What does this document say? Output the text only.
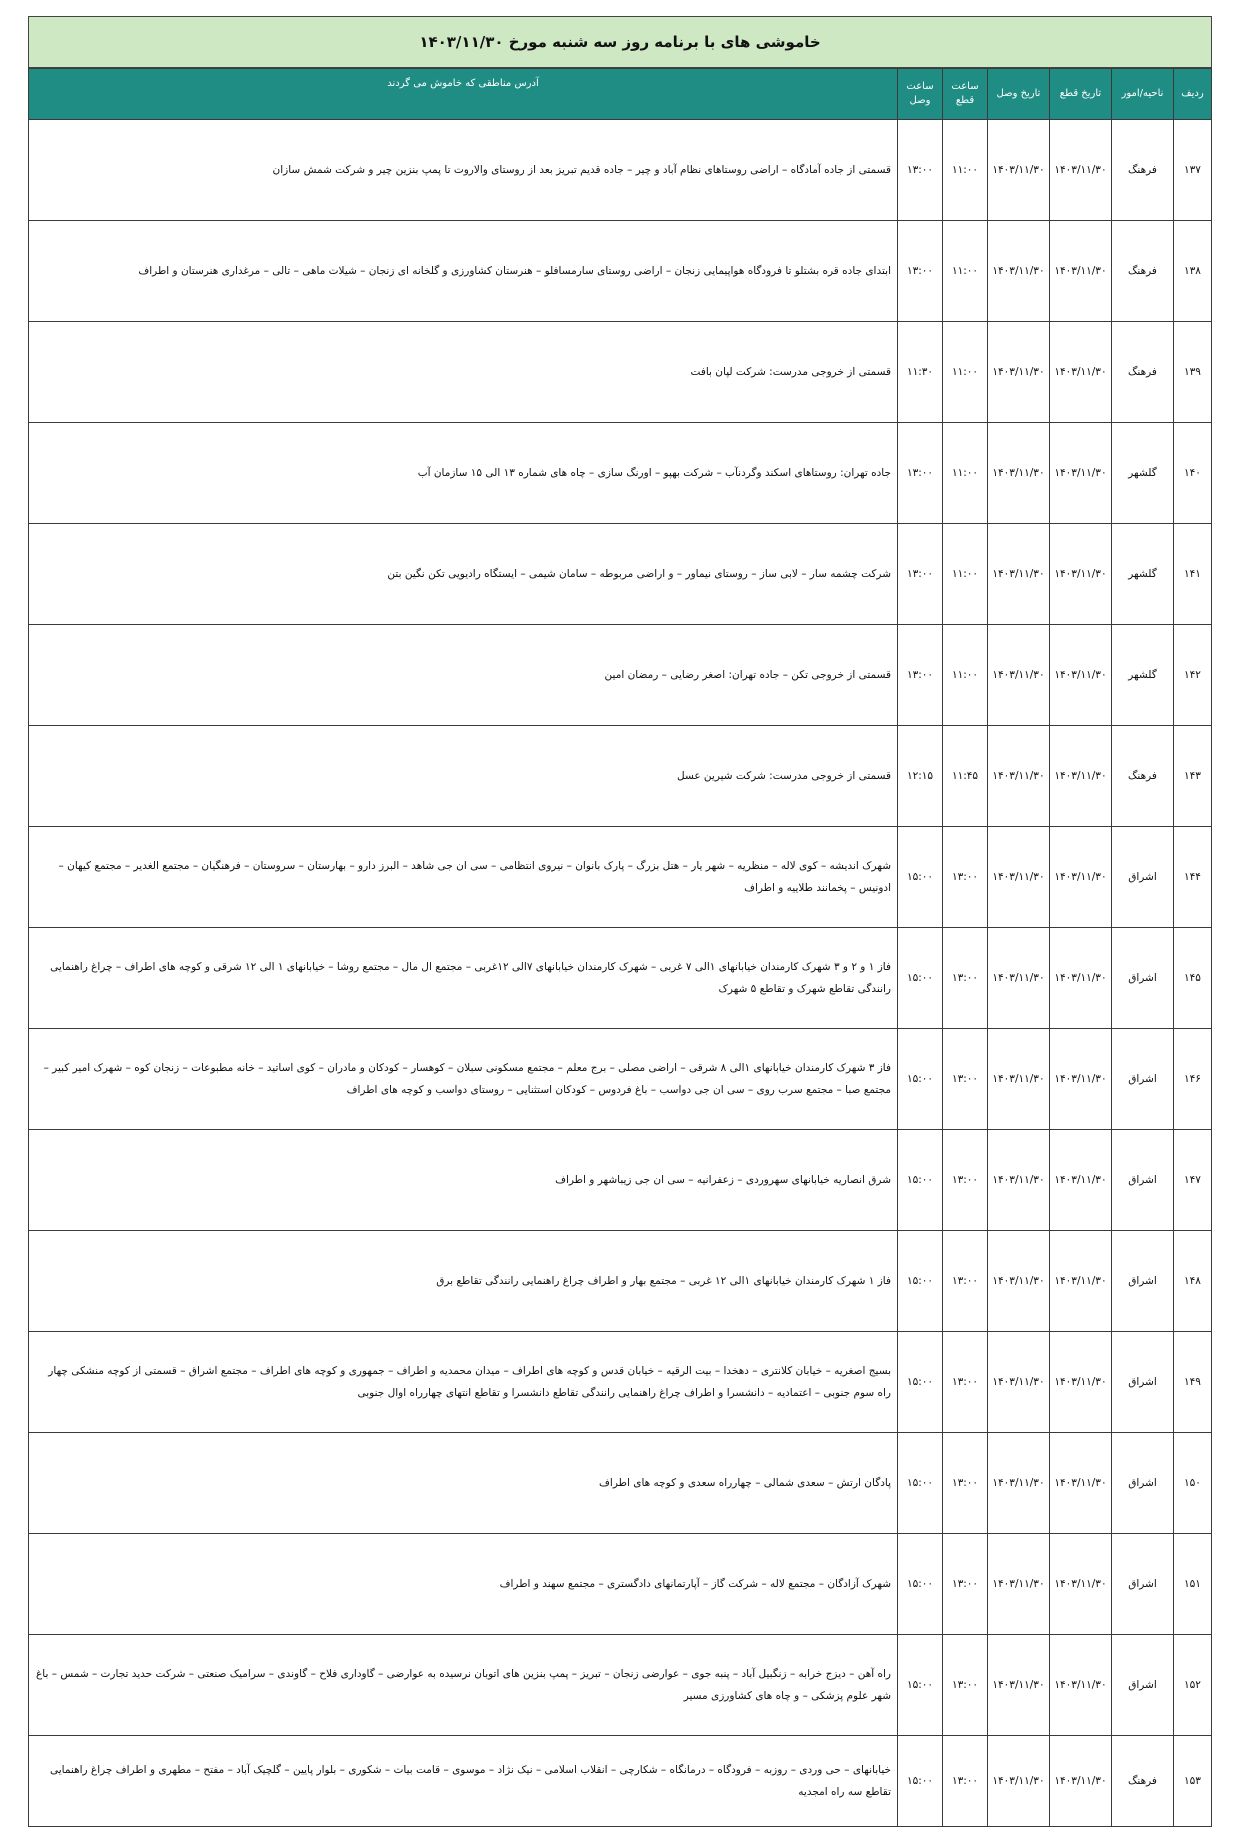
خاموشی های با برنامه روز سه شنبه مورخ ۱۴۰۳/۱۱/۳۰
ردیف	ناحیه/امور	تاریخ قطع	تاریخ وصل	ساعت قطع	ساعت وصل	آدرس مناطقی که خاموش می گردند
۱۳۷	فرهنگ	۱۴۰۳/۱۱/۳۰	۱۴۰۳/۱۱/۳۰	۱۱:۰۰	۱۳:۰۰	قسمتی از جاده آمادگاه – اراضی روستاهای نظام آباد و چیر – جاده قدیم تبریز بعد از روستای والاروت تا پمپ بنزین چیر و شرکت شمش سازان
۱۳۸	فرهنگ	۱۴۰۳/۱۱/۳۰	۱۴۰۳/۱۱/۳۰	۱۱:۰۰	۱۳:۰۰	ابتدای جاده قره بشتلو تا فرودگاه هواپیمایی زنجان – اراضی روستای سارمسافلو – هنرستان کشاورزی و گلخانه ای زنجان – شیلات ماهی – تالی – مرغداری هنرستان و اطراف
۱۳۹	فرهنگ	۱۴۰۳/۱۱/۳۰	۱۴۰۳/۱۱/۳۰	۱۱:۰۰	۱۱:۳۰	قسمتی از خروجی مدرست: شرکت لپان بافت
۱۴۰	گلشهر	۱۴۰۳/۱۱/۳۰	۱۴۰۳/۱۱/۳۰	۱۱:۰۰	۱۳:۰۰	جاده تهران: روستاهای اسکند وگردنآب – شرکت بهپو – اورنگ سازی – چاه های شماره ۱۳ الی ۱۵ سازمان آب
۱۴۱	گلشهر	۱۴۰۳/۱۱/۳۰	۱۴۰۳/۱۱/۳۰	۱۱:۰۰	۱۳:۰۰	شرکت چشمه سار – لابی ساز – روستای نیماور – و اراضی مربوطه – سامان شیمی – ایستگاه رادیویی تکن نگین بتن
۱۴۲	گلشهر	۱۴۰۳/۱۱/۳۰	۱۴۰۳/۱۱/۳۰	۱۱:۰۰	۱۳:۰۰	قسمتی از خروجی تکن – جاده تهران: اصغر رضایی – رمضان امین
۱۴۳	فرهنگ	۱۴۰۳/۱۱/۳۰	۱۴۰۳/۱۱/۳۰	۱۱:۴۵	۱۲:۱۵	قسمتی از خروجی مدرست: شرکت شیرین عسل
۱۴۴	اشراق	۱۴۰۳/۱۱/۳۰	۱۴۰۳/۱۱/۳۰	۱۳:۰۰	۱۵:۰۰	شهرک اندیشه – کوی لاله – منظریه – شهر یار – هتل بزرگ – پارک بانوان – نیروی انتظامی – سی ان جی شاهد – البرز دارو – بهارستان – سروستان – فرهنگیان – مجتمع الغدیر – مجتمع کیهان – ادونیس – پخمانند طلاییه و اطراف
۱۴۵	اشراق	۱۴۰۳/۱۱/۳۰	۱۴۰۳/۱۱/۳۰	۱۳:۰۰	۱۵:۰۰	فاز ۱ و ۲ و ۳ شهرک کارمندان خیابانهای ۱الی ۷ غربی – شهرک کارمندان خیابانهای ۷الی ۱۲غربی – مجتمع ال مال – مجتمع روشا – خیابانهای ۱ الی ۱۲ شرقی و کوچه های اطراف – چراغ راهنمایی رانندگی تقاطع شهرک و تقاطع ۵ شهرک
۱۴۶	اشراق	۱۴۰۳/۱۱/۳۰	۱۴۰۳/۱۱/۳۰	۱۳:۰۰	۱۵:۰۰	فاز ۳ شهرک کارمندان خیابانهای ۱الی ۸ شرقی – اراضی مصلی – برج معلم – مجتمع مسکونی سبلان – کوهسار – کودکان و مادران – کوی اساتید – خانه مطبوعات – زنجان کوه – شهرک امیر کبیر – مجتمع صبا – مجتمع سرب روی – سی ان جی دواسب – باغ فردوس – کودکان استثنایی – روستای دواسب و کوچه های اطراف
۱۴۷	اشراق	۱۴۰۳/۱۱/۳۰	۱۴۰۳/۱۱/۳۰	۱۳:۰۰	۱۵:۰۰	شرق انصاریه خیابانهای سهروردی – زعفرانیه – سی ان جی زیباشهر و اطراف
۱۴۸	اشراق	۱۴۰۳/۱۱/۳۰	۱۴۰۳/۱۱/۳۰	۱۳:۰۰	۱۵:۰۰	فاز ۱ شهرک کارمندان خیابانهای ۱الی ۱۲ غربی – مجتمع بهار و اطراف چراغ راهنمایی رانندگی تقاطع برق
۱۴۹	اشراق	۱۴۰۳/۱۱/۳۰	۱۴۰۳/۱۱/۳۰	۱۳:۰۰	۱۵:۰۰	بسیج اصغریه – خیابان کلانتری – دهخدا – بیت الرقیه – خیابان قدس و کوچه های اطراف – میدان محمدیه و اطراف – جمهوری و کوچه های اطراف – مجتمع اشراق – قسمتی از کوچه منشکی چهار راه سوم جنوبی – اعتمادیه – دانشسرا و اطراف چراغ راهنمایی رانندگی تقاطع دانشسرا و تقاطع انتهای چهارراه اوال جنوبی
۱۵۰	اشراق	۱۴۰۳/۱۱/۳۰	۱۴۰۳/۱۱/۳۰	۱۳:۰۰	۱۵:۰۰	پادگان ارتش – سعدی شمالی – چهارراه سعدی و کوچه های اطراف
۱۵۱	اشراق	۱۴۰۳/۱۱/۳۰	۱۴۰۳/۱۱/۳۰	۱۳:۰۰	۱۵:۰۰	شهرک آزادگان – مجتمع لاله – شرکت گاز – آپارتمانهای دادگستری – مجتمع سهند و اطراف
۱۵۲	اشراق	۱۴۰۳/۱۱/۳۰	۱۴۰۳/۱۱/۳۰	۱۳:۰۰	۱۵:۰۰	راه آهن – دیزج خرابه – زنگبیل آباد – پنبه جوی – عوارضی زنجان – تبریز – پمپ بنزین های اتوبان نرسیده به عوارضی – گاوداری فلاح – گاوندی – سرامیک صنعتی – شرکت حدید تجارت – شمس – باغ شهر علوم پزشکی – و چاه های کشاورزی مسیر
۱۵۳	فرهنگ	۱۴۰۳/۱۱/۳۰	۱۴۰۳/۱۱/۳۰	۱۳:۰۰	۱۵:۰۰	خیابانهای – حی وردی – روزبه – فرودگاه – درمانگاه – شکارچی – انقلاب اسلامی – نیک نژاد – موسوی – قامت بیات – شکوری – بلوار پایین – گلچیک آباد – مفتح – مطهری و اطراف چراغ راهنمایی تقاطع سه راه امجدیه
